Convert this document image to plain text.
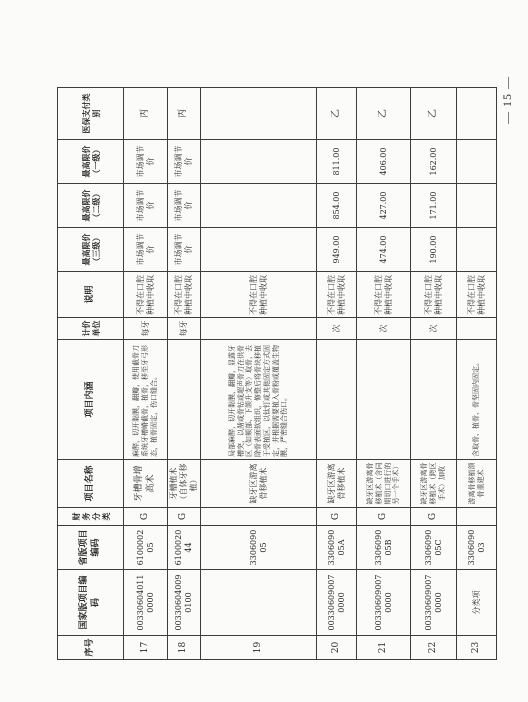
序号	国家版项目编码	省版项目编码	财务分类	项目名称	项目内涵	计价单位	说明	最高限价（三级）	最高限价（二级）	最高限价（一级）	医保支付类别
17	003306040110000	610000205	G	牙槽骨增高术	麻醉，切开黏膜，翻瓣，使用截骨刀系统牙槽嵴截骨，植骨，移至牙弓形态，植骨固定，伤口缝合。	每牙	不得在口腔种植中收取	市场调节价	市场调节价	市场调节价	丙
18	003306040090100	610002044	G	牙槽植术（自体牙移植）		每牙	不得在口腔种植中收取	市场调节价	市场调节价	市场调节价	丙
19		330609005		缺牙区游离骨移植术	局部麻醉，切开黏膜，翻瓣，显露牙槽突，以凿或骨钻或超声骨刀在供骨区（如颏部、下颌升支等）取骨，去除骨表面软组织，修整后将骨块移植于受植区，以钛钉或其他固定方式固定，并根据需要植入骨粉或覆盖生物膜，严密缝合伤口。		不得在口腔种植中收取				
20	003306090070000	330609005A	G	缺牙区游离骨移植术		次	不得在口腔种植中收取	949.00	854.00	811.00	乙
21	003306090070000	330609005B	G	缺牙区游离骨移植术（含同期切口进行的另一个手术）		次	不得在口腔种植中收取	474.00	427.00	406.00	乙
22	003306090070000	330609005C	G	缺牙区游离骨移植术（跨区手术）加收		次	不得在口腔种植中收取	190.00	171.00	162.00	乙
23	分类项	330609003		游离骨移植颌骨重建术	含取骨、植骨、骨坚固内固定。		不得在口腔种植中收取				
— 15 —
